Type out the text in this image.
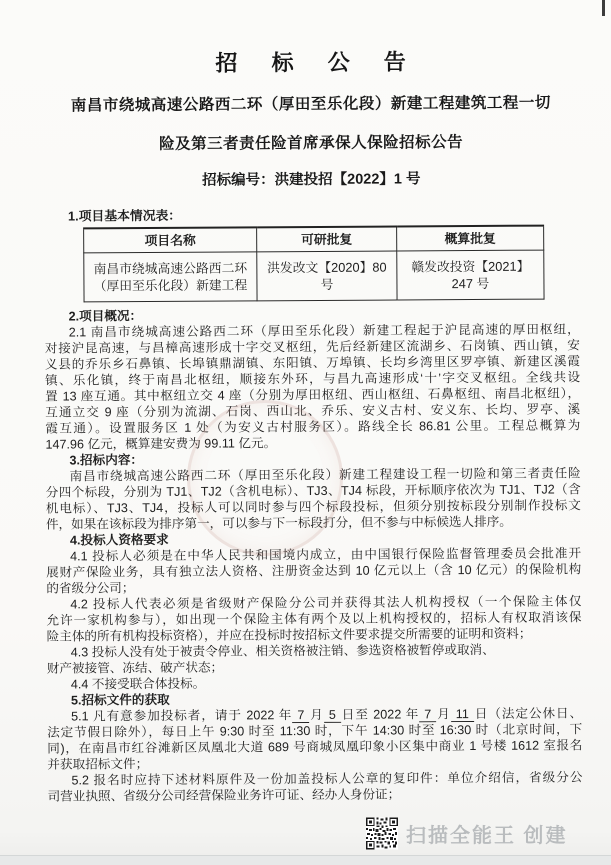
招 标 公 告
南昌市绕城高速公路西二环（厚田至乐化段）新建工程建筑工程一切
险及第三者责任险首席承保人保险招标公告
招标编号：洪建投招【2022】1 号
1.项目基本情况表：
项目名称	可研批复	概算批复
南昌市绕城高速公路西二环（厚田至乐化段）新建工程	洪发改文【2020】80 号	赣发改投资【2021】247 号
2.项目概况：
2.1 南昌市绕城高速公路西二环（厚田至乐化段）新建工程起于沪昆高速的厚田枢纽，
对接沪昆高速，与昌樟高速形成十字交叉枢纽，先后经新建区流湖乡、石岗镇、西山镇，安
义县的乔乐乡石鼻镇、长埠镇鼎湖镇、东阳镇、万埠镇、长均乡湾里区罗亭镇、新建区溪霞
镇、乐化镇，终于南昌北枢纽，顺接东外环，与昌九高速形成‘十’字交叉枢纽。全线共设
置 13 座互通。其中枢纽立交 4 座（分别为厚田枢纽、西山枢纽、石鼻枢纽、南昌北枢纽），
互通立交 9 座（分别为流湖、石岗、西山北、乔乐、安义古村、安义东、长均、罗亭、溪
霞互通）。设置服务区 1 处（为安义古村服务区）。路线全长 86.81 公里。工程总概算为
147.96 亿元，概算建安费为 99.11 亿元。
3.招标内容：
南昌市绕城高速公路西二环（厚田至乐化段）新建工程建设工程一切险和第三者责任险
分四个标段，分别为 TJ1、TJ2（含机电标）、TJ3、TJ4 标段，开标顺序依次为 TJ1、TJ2（含
机电标）、TJ3、TJ4，投标人可以同时参与四个标段投标，但须分别按标段分别制作投标文
件，如果在该标段为排序第一，可以参与下一标段打分，但不参与中标候选人排序。
4.投标人资格要求
4.1 投标人必须是在中华人民共和国境内成立，由中国银行保险监督管理委员会批准开
展财产保险业务，具有独立法人资格、注册资金达到 10 亿元以上（含 10 亿元）的保险机构
的省级分公司；
4.2 投标人代表必须是省级财产保险分公司并获得其法人机构授权（一个保险主体仅
允许一家机构参与），如出现一个保险主体有两个及以上机构授权的，招标人有权取消该保
险主体的所有机构投标资格），并应在投标时按招标文件要求提交所需要的证明和资料；
4.3 投标人没有处于被责令停业、相关资格被注销、参选资格被暂停或取消、
财产被接管、冻结、破产状态；
4.4 不接受联合体投标。
5.招标文件的获取
5.1 凡有意参加投标者，请于 2022 年 7 月 5 日至 2022 年 7 月 11 日（法定公休日、
法定节假日除外），每日上午 9:30 时至 11:30 时，下午 14:30 时至 16:30 时（北京时间，下
同)，在南昌市红谷滩新区凤凰北大道 689 号商城凤凰印象小区集中商业 1 号楼 1612 室报名
并获取招标文件；
5.2 报名时应持下述材料原件及一份加盖投标人公章的复印件：单位介绍信，省级分公
司营业执照、省级分公司经营保险业务许可证、经办人身份证；
扫描全能王 创建
